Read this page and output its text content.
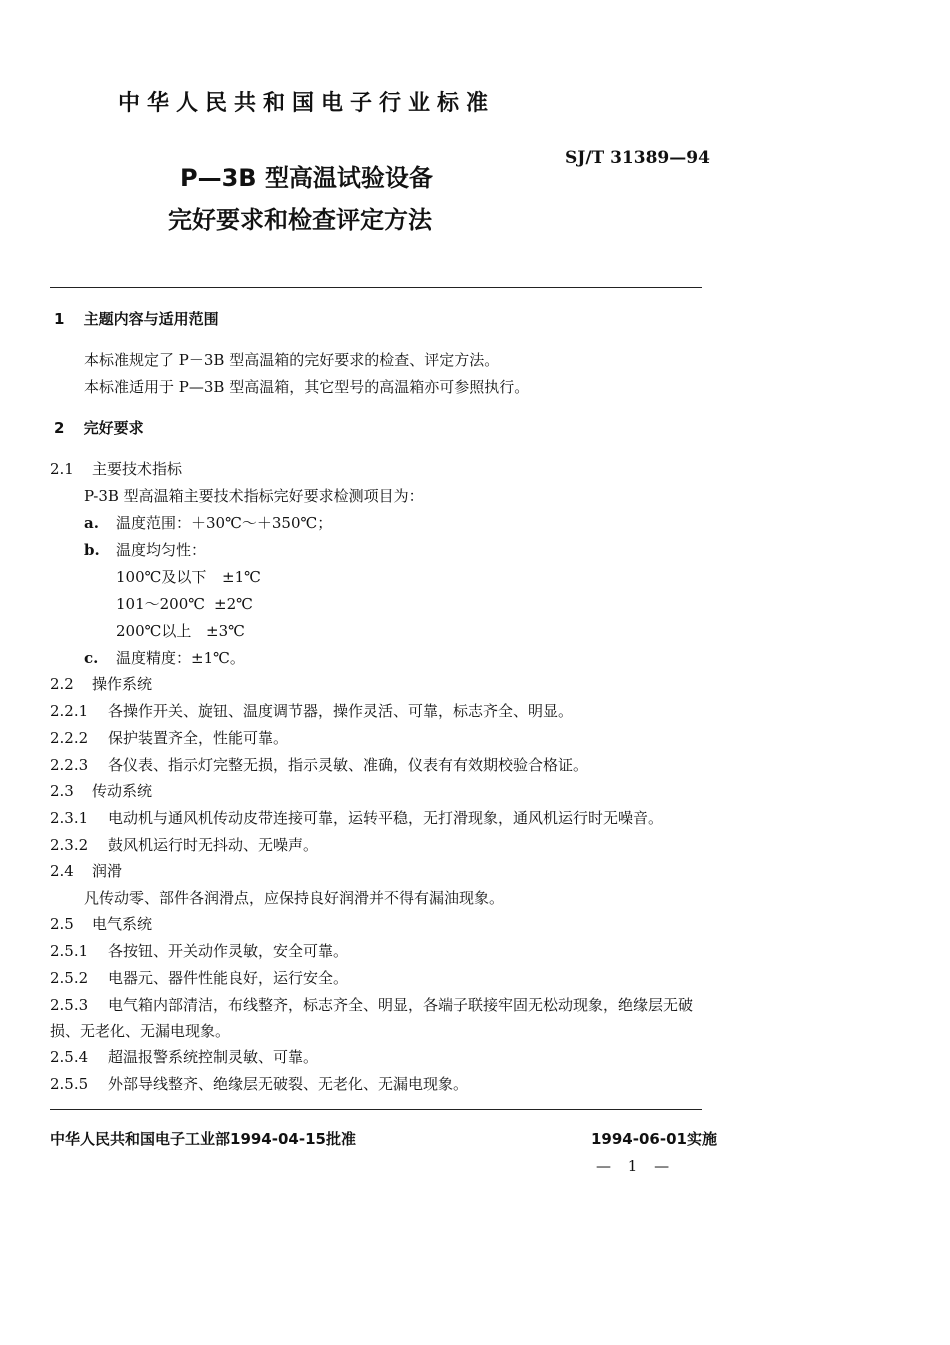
中华人民共和国电子行业标准
SJ/T 31389—94
P—3B 型高温试验设备
完好要求和检查评定方法
1 主题内容与适用范围
本标准规定了 P－3B 型高温箱的完好要求的检查、评定方法。
本标准适用于 P—3B 型高温箱，其它型号的高温箱亦可参照执行。
2 完好要求
2.1 主要技术指标
P-3B 型高温箱主要技术指标完好要求检测项目为：
a. 温度范围：＋30℃～＋350℃；
b. 温度均匀性：
100℃及以下 ±1℃
101～200℃ ±2℃
200℃以上 ±3℃
c. 温度精度：±1℃。
2.2 操作系统
2.2.1 各操作开关、旋钮、温度调节器，操作灵活、可靠，标志齐全、明显。
2.2.2 保护装置齐全，性能可靠。
2.2.3 各仪表、指示灯完整无损，指示灵敏、准确，仪表有有效期校验合格证。
2.3 传动系统
2.3.1 电动机与通风机传动皮带连接可靠，运转平稳，无打滑现象，通风机运行时无噪音。
2.3.2 鼓风机运行时无抖动、无噪声。
2.4 润滑
凡传动零、部件各润滑点，应保持良好润滑并不得有漏油现象。
2.5 电气系统
2.5.1 各按钮、开关动作灵敏，安全可靠。
2.5.2 电器元、器件性能良好，运行安全。
2.5.3 电气箱内部清洁，布线整齐，标志齐全、明显，各端子联接牢固无松动现象，绝缘层无破
损、无老化、无漏电现象。
2.5.4 超温报警系统控制灵敏、可靠。
2.5.5 外部导线整齐、绝缘层无破裂、无老化、无漏电现象。
中华人民共和国电子工业部1994-04-15批准	1994-06-01实施
— 1 —
